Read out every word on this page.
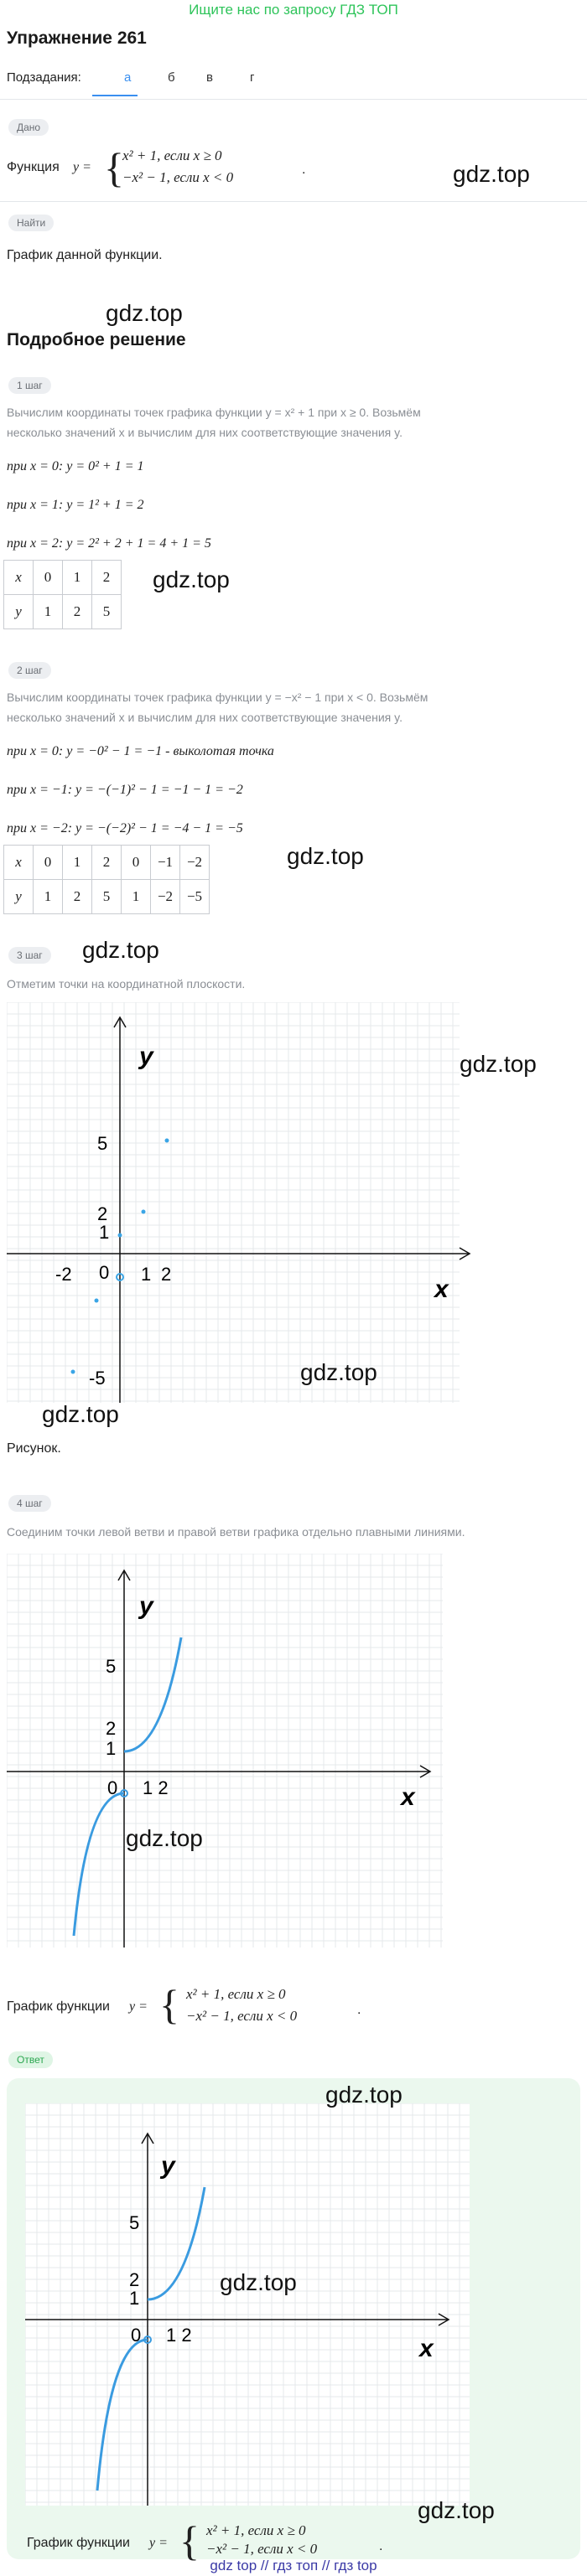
Ищите нас по запросу ГДЗ ТОП
Упражнение 261
Подзадания:	а	б в	г
Дано
Функция y = {
x² + 1, если x ≥ 0
−x² − 1, если x < 0	.	gdz.top
Найти
График данной функции.
gdz.top
Подробное решение
1 шаг
Вычислим координаты точек графика функции y = x² + 1 при x ≥ 0. Возьмём
несколько значений x и вычислим для них соответствующие значения y.
при x = 0: y = 0² + 1 = 1
при x = 1: y = 1² + 1 = 2
при x = 2: y = 2² + 2 + 1 = 4 + 1 = 5
x	0	1	2
y	1	2	5
gdz.top
2 шаг
Вычислим координаты точек графика функции y = −x² − 1 при x < 0. Возьмём
несколько значений x и вычислим для них соответствующие значения y.
при x = 0: y = −0² − 1 = −1 - выколотая точка
при x = −1: y = −(−1)² − 1 = −1 − 1 = −2
при x = −2: y = −(−2)² − 1 = −4 − 1 = −5
x	0	1	2	0	−1	−2
y	1	2	5	1	−2	−5
gdz.top
3 шаг	gdz.top
Отметим точки на координатной плоскости.
y
x
5
2
1
0
-2
-5
1 2
gdz.top
gdz.top
gdz.top
Рисунок.
4 шаг
Соединим точки левой ветви и правой ветви графика отдельно плавными линиями.
y
x
5
2
1
0 1 2
gdz.top
График функции y = { x² + 1, если x ≥ 0
−x² − 1, если x < 0	.
Ответ
y
x
5
2
1
0 1 2
gdz.top
gdz.top
gdz.top
График функции y = { x² + 1, если x ≥ 0
−x² − 1, если x < 0	.
gdz top // гдз топ // гдз top
